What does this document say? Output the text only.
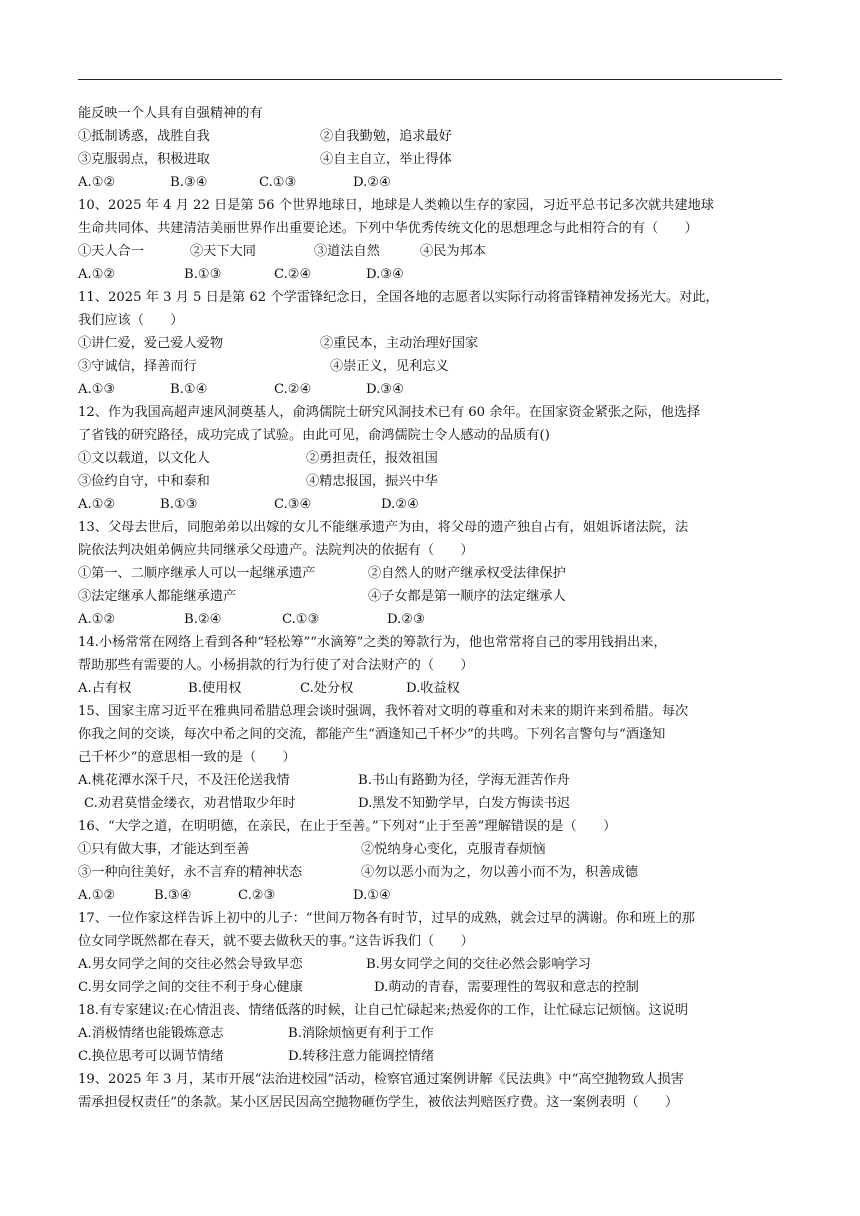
能反映一个人具有自强精神的有

①抵制诱惑，战胜自我

	②自我勤勉，追求最好

③克服弱点，积极进取

	④自主自立，举止得体

A.①②

	B.③④

	C.①③

	D.②④

10、2025 年 4 月 22 日是第 56 个世界地球日，地球是人类赖以生存的家园，习近平总书记多次就共建地球
生命共同体、共建清洁美丽世界作出重要论述。下列中华优秀传统文化的思想理念与此相符合的有（　　）

①天人合一

	②天下大同

	③道法自然

	④民为邦本

A.①②

	B.①③

	C.②④

	D.③④

11、2025 年 3 月 5 日是第 62 个学雷锋纪念日，全国各地的志愿者以实际行动将雷锋精神发扬光大。对此，
我们应该（　　）

①讲仁爱，爱己爱人爱物

	②重民本，主动治理好国家

③守诚信，择善而行

	④崇正义，见利忘义

A.①③

	B.①④

	C.②④

	D.③④

12、作为我国高超声速风洞奠基人，俞鸿儒院士研究风洞技术已有 60 余年。在国家资金紧张之际，他选择
了省钱的研究路径，成功完成了试验。由此可见，俞鸿儒院士令人感动的品质有()

①文以载道，以文化人

	②勇担责任，报效祖国

③俭约自守，中和泰和

	④精忠报国，振兴中华

A.①②

	B.①③

	C.③④

	D.②④

13、父母去世后，同胞弟弟以出嫁的女儿不能继承遗产为由，将父母的遗产独自占有，姐姐诉诸法院，法
院依法判决姐弟俩应共同继承父母遗产。法院判决的依据有（　　）

①第一、二顺序继承人可以一起继承遗产

	②自然人的财产继承权受法律保护

③法定继承人都能继承遗产

	④子女都是第一顺序的法定继承人

A.①②

	B.②④

	C.①③

	D.②③

14.小杨常常在网络上看到各种“轻松筹”“水滴筹”之类的筹款行为，他也常常将自己的零用钱捐出来，
帮助那些有需要的人。小杨捐款的行为行使了对合法财产的（　　）

A.占有权

	B.使用权

	C.处分权

	D.收益权

15、国家主席习近平在雅典同希腊总理会谈时强调，我怀着对文明的尊重和对未来的期许来到希腊。每次
你我之间的交谈，每次中希之间的交流，都能产生“酒逢知己千杯少”的共鸣。下列名言警句与“酒逢知
己千杯少”的意思相一致的是（　　）

A.桃花潭水深千尺，不及汪伦送我情

	B.书山有路勤为径，学海无涯苦作舟

C.劝君莫惜金缕衣，劝君惜取少年时

	D.黑发不知勤学早，白发方悔读书迟

16、“大学之道，在明明德，在亲民，在止于至善。”下列对“止于至善”理解错误的是（　　）

①只有做大事，才能达到至善

	②悦纳身心变化，克服青春烦恼

③一种向往美好，永不言弃的精神状态

	④勿以恶小而为之，勿以善小而不为，积善成德

A.①②

	B.③④

	C.②③

	D.①④

17、一位作家这样告诉上初中的儿子：“世间万物各有时节，过早的成熟，就会过早的满谢。你和班上的那
位女同学既然都在春天，就不要去做秋天的事。”这告诉我们（　　）

A.男女同学之间的交往必然会导致早恋

	B.男女同学之间的交往必然会影响学习

C.男女同学之间的交往不利于身心健康

	D.萌动的青春，需要理性的驾驭和意志的控制

18.有专家建议:在心情沮丧、情绪低落的时候，让自己忙碌起来;热爱你的工作，让忙碌忘记烦恼。这说明

A.消极情绪也能锻炼意志

	B.消除烦恼更有利于工作

C.换位思考可以调节情绪

	D.转移注意力能调控情绪

19、2025 年 3 月，某市开展“法治进校园”活动，检察官通过案例讲解《民法典》中“高空抛物致人损害
需承担侵权责任”的条款。某小区居民因高空抛物砸伤学生，被依法判赔医疗费。这一案例表明（　　）
